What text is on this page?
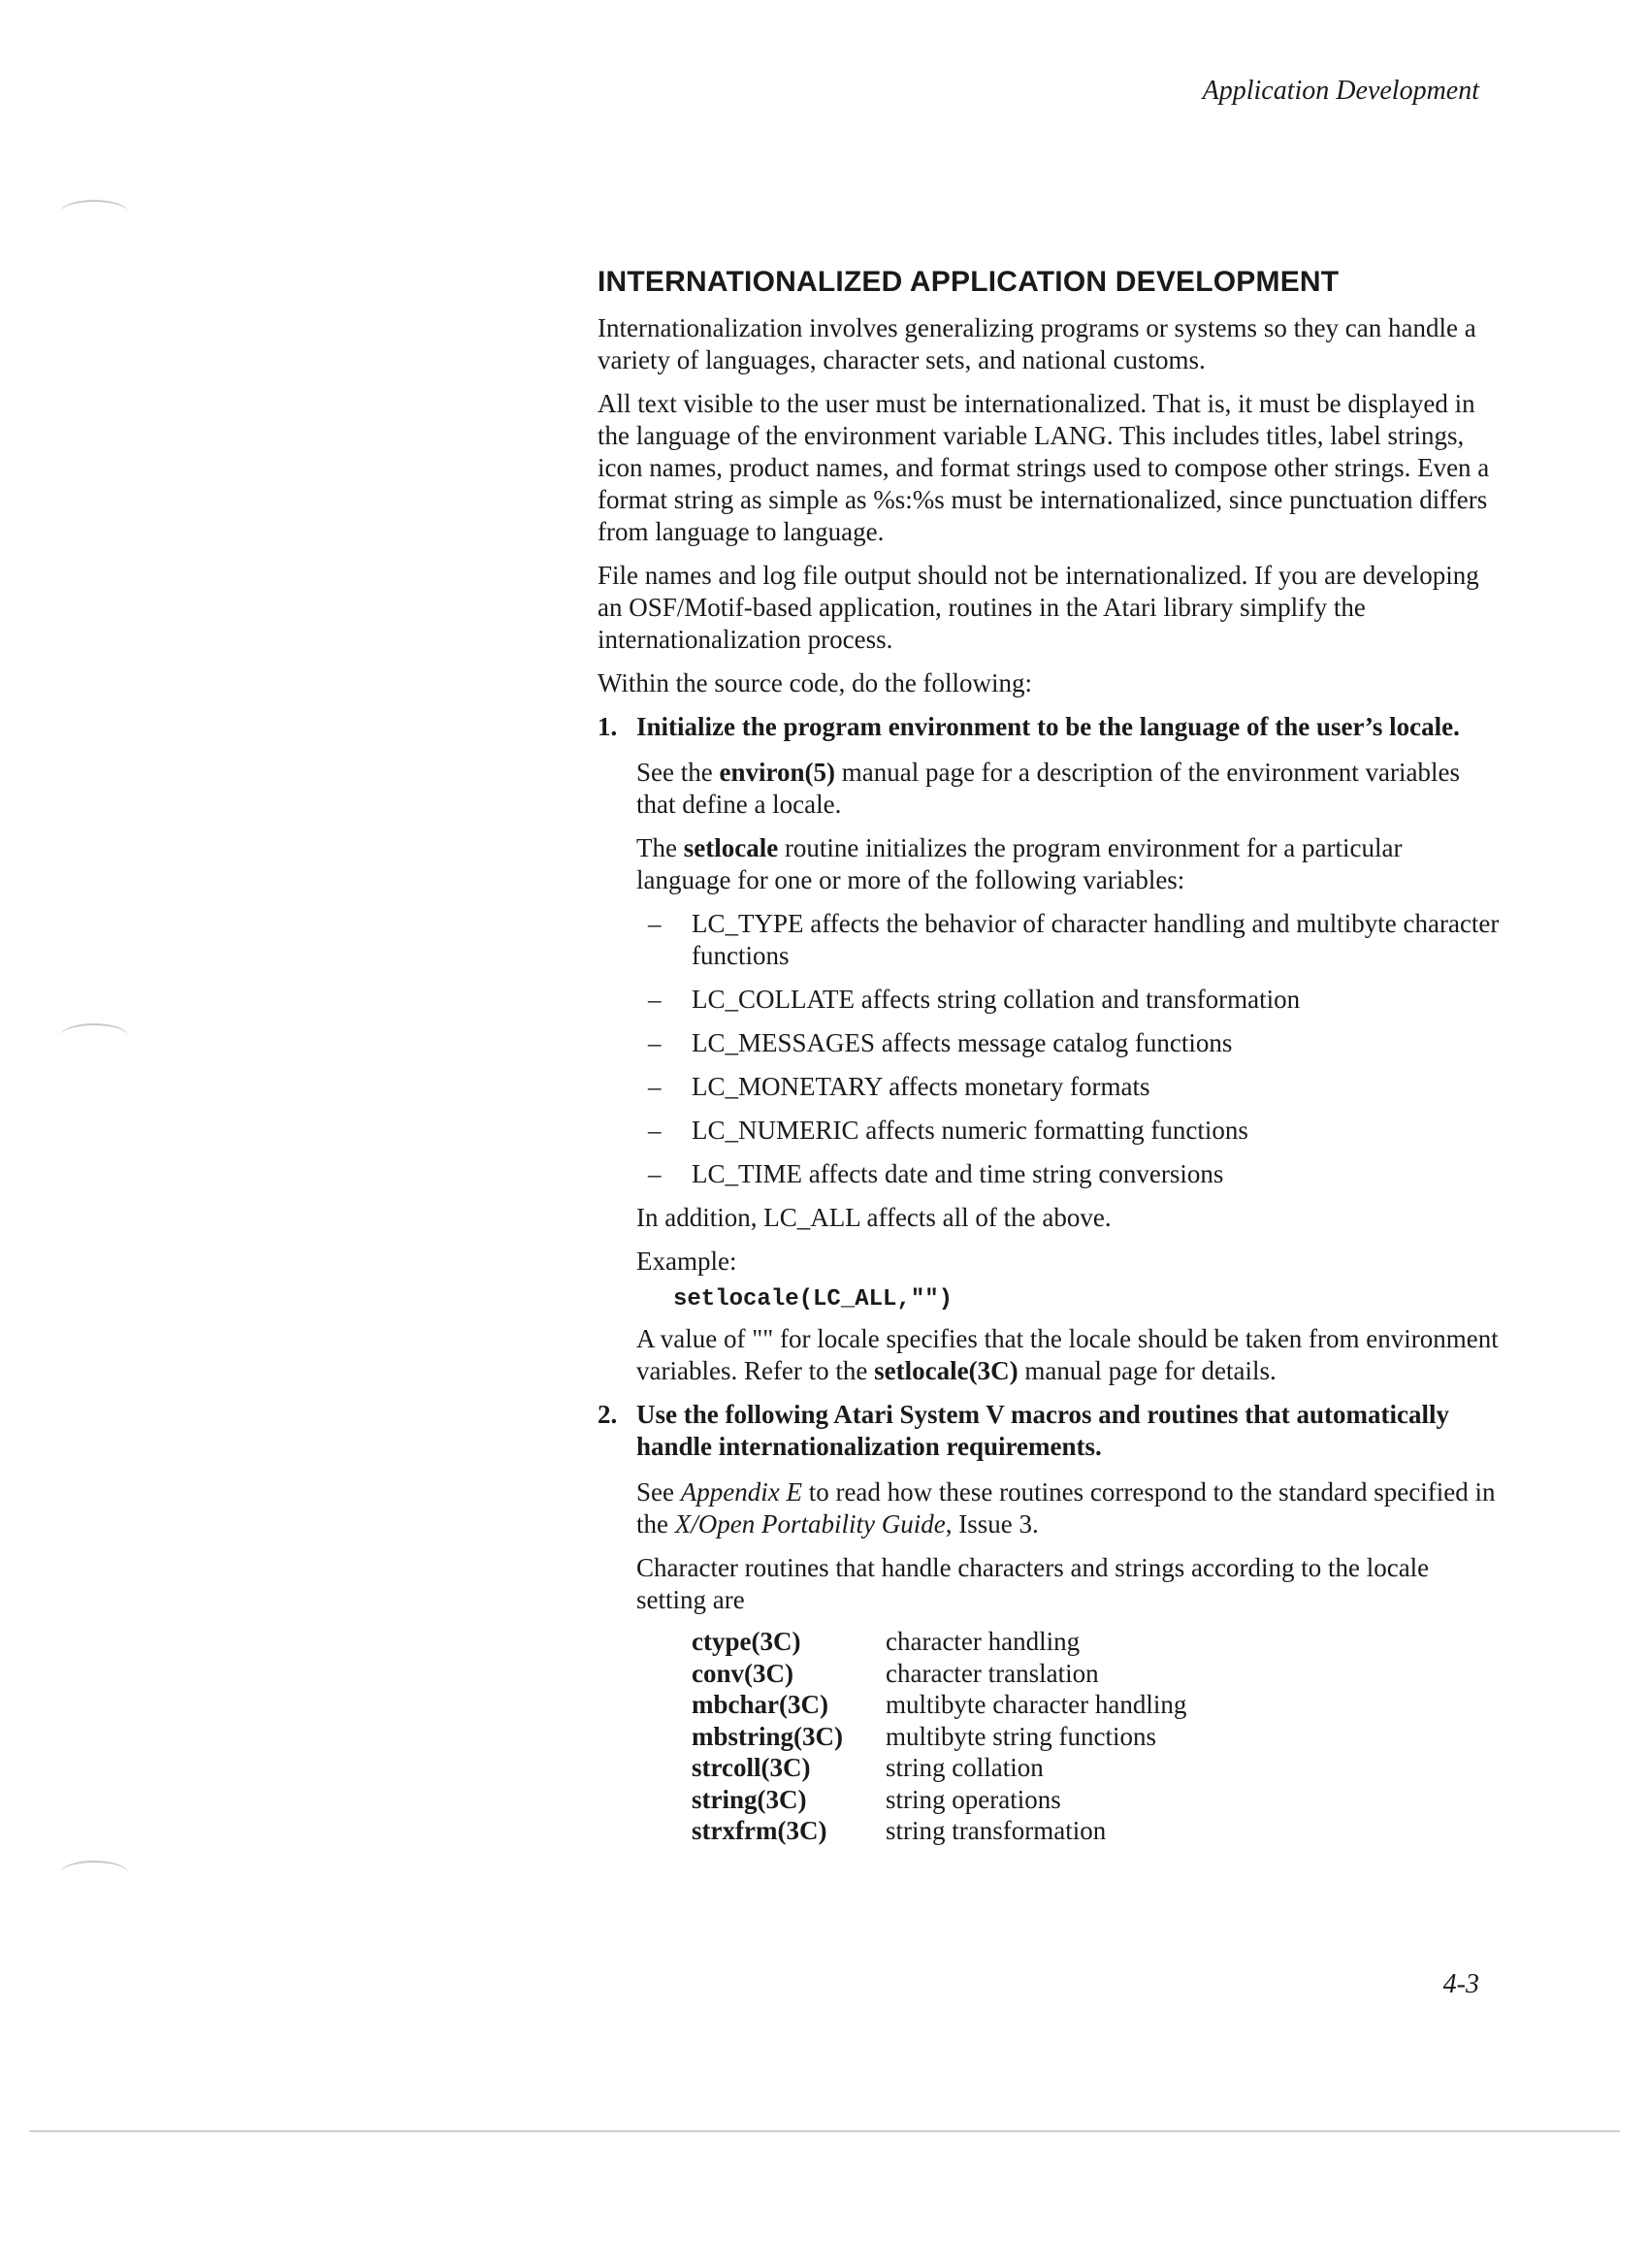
Application Development
INTERNATIONALIZED APPLICATION DEVELOPMENT

Internationalization involves generalizing programs or systems so they can handle a variety of languages, character sets, and national customs.

All text visible to the user must be internationalized. That is, it must be displayed in the language of the environment variable LANG. This includes titles, label strings, icon names, product names, and format strings used to compose other strings. Even a format string as simple as %s:%s must be internationalized, since punctuation differs from language to language.

File names and log file output should not be internationalized. If you are developing an OSF/Motif-based application, routines in the Atari library simplify the internationalization process.

Within the source code, do the following:

1. Initialize the program environment to be the language of the user’s locale.

See the environ(5) manual page for a description of the environment variables that define a locale.

The setlocale routine initializes the program environment for a particular language for one or more of the following variables:

– LC_TYPE affects the behavior of character handling and multibyte character functions
– LC_COLLATE affects string collation and transformation
– LC_MESSAGES affects message catalog functions
– LC_MONETARY affects monetary formats
– LC_NUMERIC affects numeric formatting functions
– LC_TIME affects date and time string conversions

In addition, LC_ALL affects all of the above.

Example:

setlocale(LC_ALL,"")

A value of "" for locale specifies that the locale should be taken from environment variables. Refer to the setlocale(3C) manual page for details.

2. Use the following Atari System V macros and routines that automatically handle internationalization requirements.

See Appendix E to read how these routines correspond to the standard specified in the X/Open Portability Guide, Issue 3.

Character routines that handle characters and strings according to the locale setting are

ctype(3C)	character handling
conv(3C)	character translation
mbchar(3C)	multibyte character handling
mbstring(3C)	multibyte string functions
strcoll(3C)	string collation
string(3C)	string operations
strxfrm(3C)	string transformation
4-3
